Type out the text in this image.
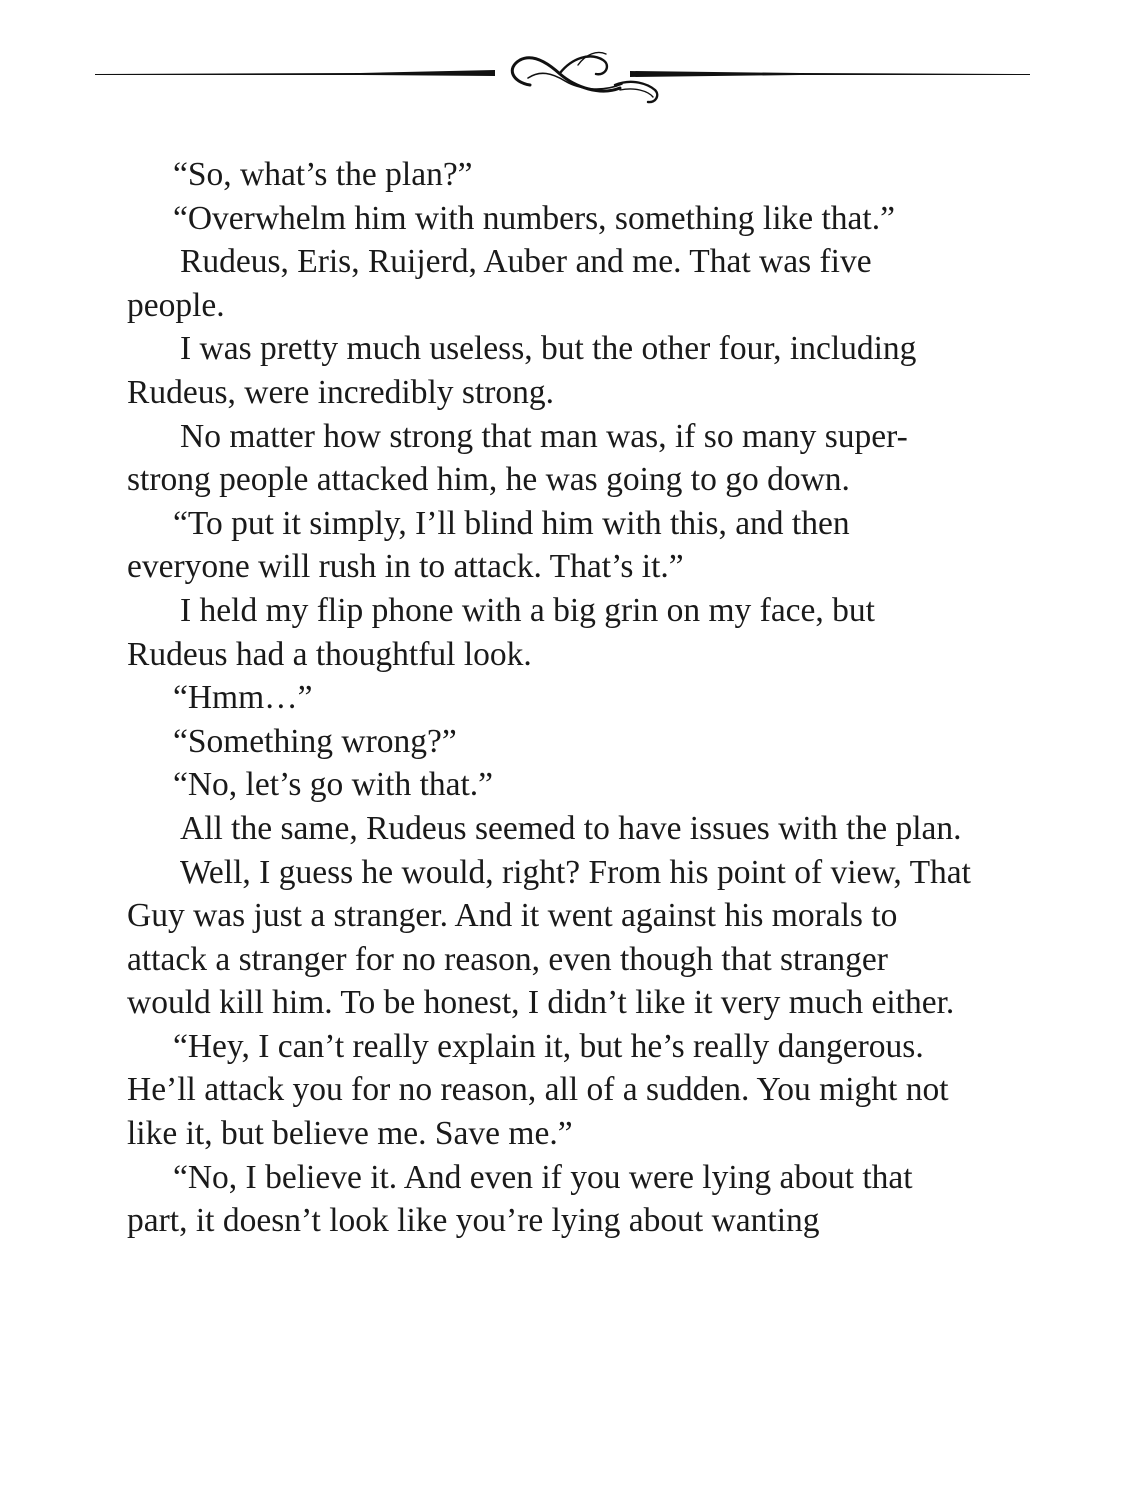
“So, what’s the plan?”

“Overwhelm him with numbers, something like that.”

Rudeus, Eris, Ruijerd, Auber and me. That was five people.

I was pretty much useless, but the other four, including Rudeus, were incredibly strong.

No matter how strong that man was, if so many super-strong people attacked him, he was going to go down.

“To put it simply, I’ll blind him with this, and then everyone will rush in to attack. That’s it.”

I held my flip phone with a big grin on my face, but Rudeus had a thoughtful look.

“Hmm…”

“Something wrong?”

“No, let’s go with that.”

All the same, Rudeus seemed to have issues with the plan.

Well, I guess he would, right? From his point of view, That Guy was just a stranger. And it went against his morals to attack a stranger for no reason, even though that stranger would kill him. To be honest, I didn’t like it very much either.

“Hey, I can’t really explain it, but he’s really dangerous. He’ll attack you for no reason, all of a sudden. You might not like it, but believe me. Save me.”

“No, I believe it. And even if you were lying about that part, it doesn’t look like you’re lying about wanting
